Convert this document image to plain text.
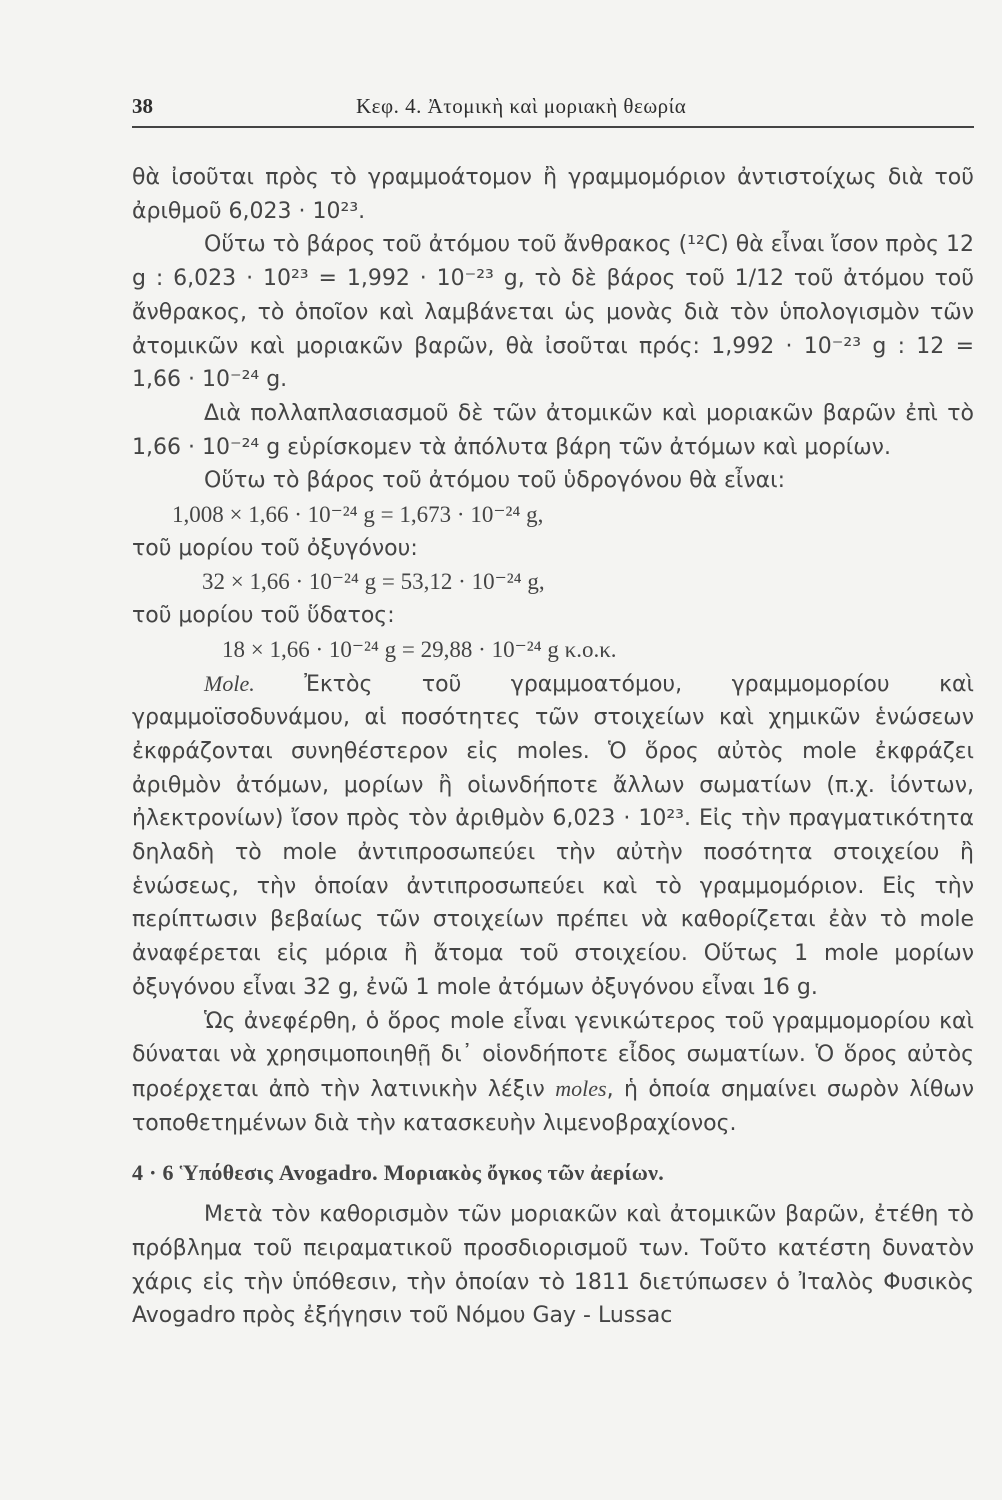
38	Κεφ. 4. Ἀτομικὴ καὶ μοριακὴ θεωρία

θὰ ἰσοῦται πρὸς τὸ γραμμοάτομον ἢ γραμμομόριον ἀντιστοίχως διὰ τοῦ ἀριθμοῦ 6,023 · 10²³.

Οὕτω τὸ βάρος τοῦ ἀτόμου τοῦ ἄνθρακος (¹²C) θὰ εἶναι ἴσον πρὸς 12 g : 6,023 · 10²³ = 1,992 · 10⁻²³ g, τὸ δὲ βάρος τοῦ 1/12 τοῦ ἀτόμου τοῦ ἄνθρακος, τὸ ὁποῖον καὶ λαμβάνεται ὡς μονὰς διὰ τὸν ὑπολογισμὸν τῶν ἀτομικῶν καὶ μοριακῶν βαρῶν, θὰ ἰσοῦται πρός: 1,992 · 10⁻²³ g : 12 = 1,66 · 10⁻²⁴ g.

Διὰ πολλαπλασιασμοῦ δὲ τῶν ἀτομικῶν καὶ μοριακῶν βαρῶν ἐπὶ τὸ 1,66 · 10⁻²⁴ g εὑρίσκομεν τὰ ἀπόλυτα βάρη τῶν ἀτόμων καὶ μορίων.

Οὕτω τὸ βάρος τοῦ ἀτόμου τοῦ ὑδρογόνου θὰ εἶναι:

1,008 × 1,66 · 10⁻²⁴ g = 1,673 · 10⁻²⁴ g,

τοῦ μορίου τοῦ ὀξυγόνου:

32 × 1,66 · 10⁻²⁴ g = 53,12 · 10⁻²⁴ g,

τοῦ μορίου τοῦ ὕδατος:

18 × 1,66 · 10⁻²⁴ g = 29,88 · 10⁻²⁴ g κ.ο.κ.

Mole. Ἐκτὸς τοῦ γραμμοατόμου, γραμμομορίου καὶ γραμμοϊσοδυνάμου, αἱ ποσότητες τῶν στοιχείων καὶ χημικῶν ἑνώσεων ἐκφράζονται συνηθέστερον εἰς moles. Ὁ ὅρος αὐτὸς mole ἐκφράζει ἀριθμὸν ἀτόμων, μορίων ἢ οἱωνδήποτε ἄλλων σωματίων (π.χ. ἰόντων, ἠλεκτρονίων) ἴσον πρὸς τὸν ἀριθμὸν 6,023 · 10²³. Εἰς τὴν πραγματικότητα δηλαδὴ τὸ mole ἀντιπροσωπεύει τὴν αὐτὴν ποσότητα στοιχείου ἢ ἑνώσεως, τὴν ὁποίαν ἀντιπροσωπεύει καὶ τὸ γραμμομόριον. Εἰς τὴν περίπτωσιν βεβαίως τῶν στοιχείων πρέπει νὰ καθορίζεται ἐὰν τὸ mole ἀναφέρεται εἰς μόρια ἢ ἄτομα τοῦ στοιχείου. Οὕτως 1 mole μορίων ὀξυγόνου εἶναι 32 g, ἐνῶ 1 mole ἀτόμων ὀξυγόνου εἶναι 16 g.

Ὡς ἀνεφέρθη, ὁ ὅρος mole εἶναι γενικώτερος τοῦ γραμμομορίου καὶ δύναται νὰ χρησιμοποιηθῇ δι᾽ οἱονδήποτε εἶδος σωματίων. Ὁ ὅρος αὐτὸς προέρχεται ἀπὸ τὴν λατινικὴν λέξιν moles, ἡ ὁποία σημαίνει σωρὸν λίθων τοποθετημένων διὰ τὴν κατασκευὴν λιμενοβραχίονος.

4 · 6 Ὑπόθεσις Avogadro. Μοριακὸς ὄγκος τῶν ἀερίων.

Μετὰ τὸν καθορισμὸν τῶν μοριακῶν καὶ ἀτομικῶν βαρῶν, ἐτέθη τὸ πρόβλημα τοῦ πειραματικοῦ προσδιορισμοῦ των. Τοῦτο κατέστη δυνατὸν χάρις εἰς τὴν ὑπόθεσιν, τὴν ὁποίαν τὸ 1811 διετύπωσεν ὁ Ἰταλὸς Φυσικὸς Avogadro πρὸς ἐξήγησιν τοῦ Νόμου Gay - Lussac
